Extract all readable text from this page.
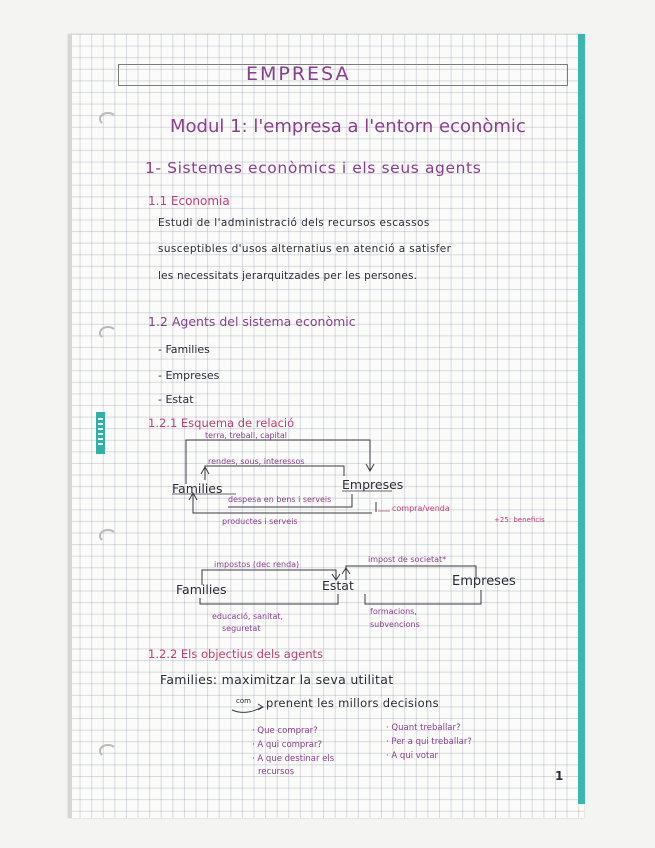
EMPRESA
Modul 1: l'empresa a l'entorn econòmic
1- Sistemes econòmics i els seus agents
1.1 Economia
Estudi de l'administració dels recursos escassos
susceptibles d'usos alternatius en atenció a satisfer
les necessitats jerarquitzades per les persones.
1.2 Agents del sistema econòmic
- Families
- Empreses
- Estat
1.2.1 Esquema de relació
Families	Empreses
terra, treball, capital
rendes, sous, interessos
despesa en bens i serveis
productes i serveis
compra/venda
+25: beneficis
Families	Estat	Empreses
impostos (dec renda)
impost de societat*
educació, sanitat,
seguretat
formacions,
subvencions
1.2.2 Els objectius dels agents
Families: maximitzar la seva utilitat
com prenent les millors decisions
· Que comprar?
· A qui comprar?
· A que destinar els
recursos
· Quant treballar?
· Per a qui treballar?
· A qui votar
1
